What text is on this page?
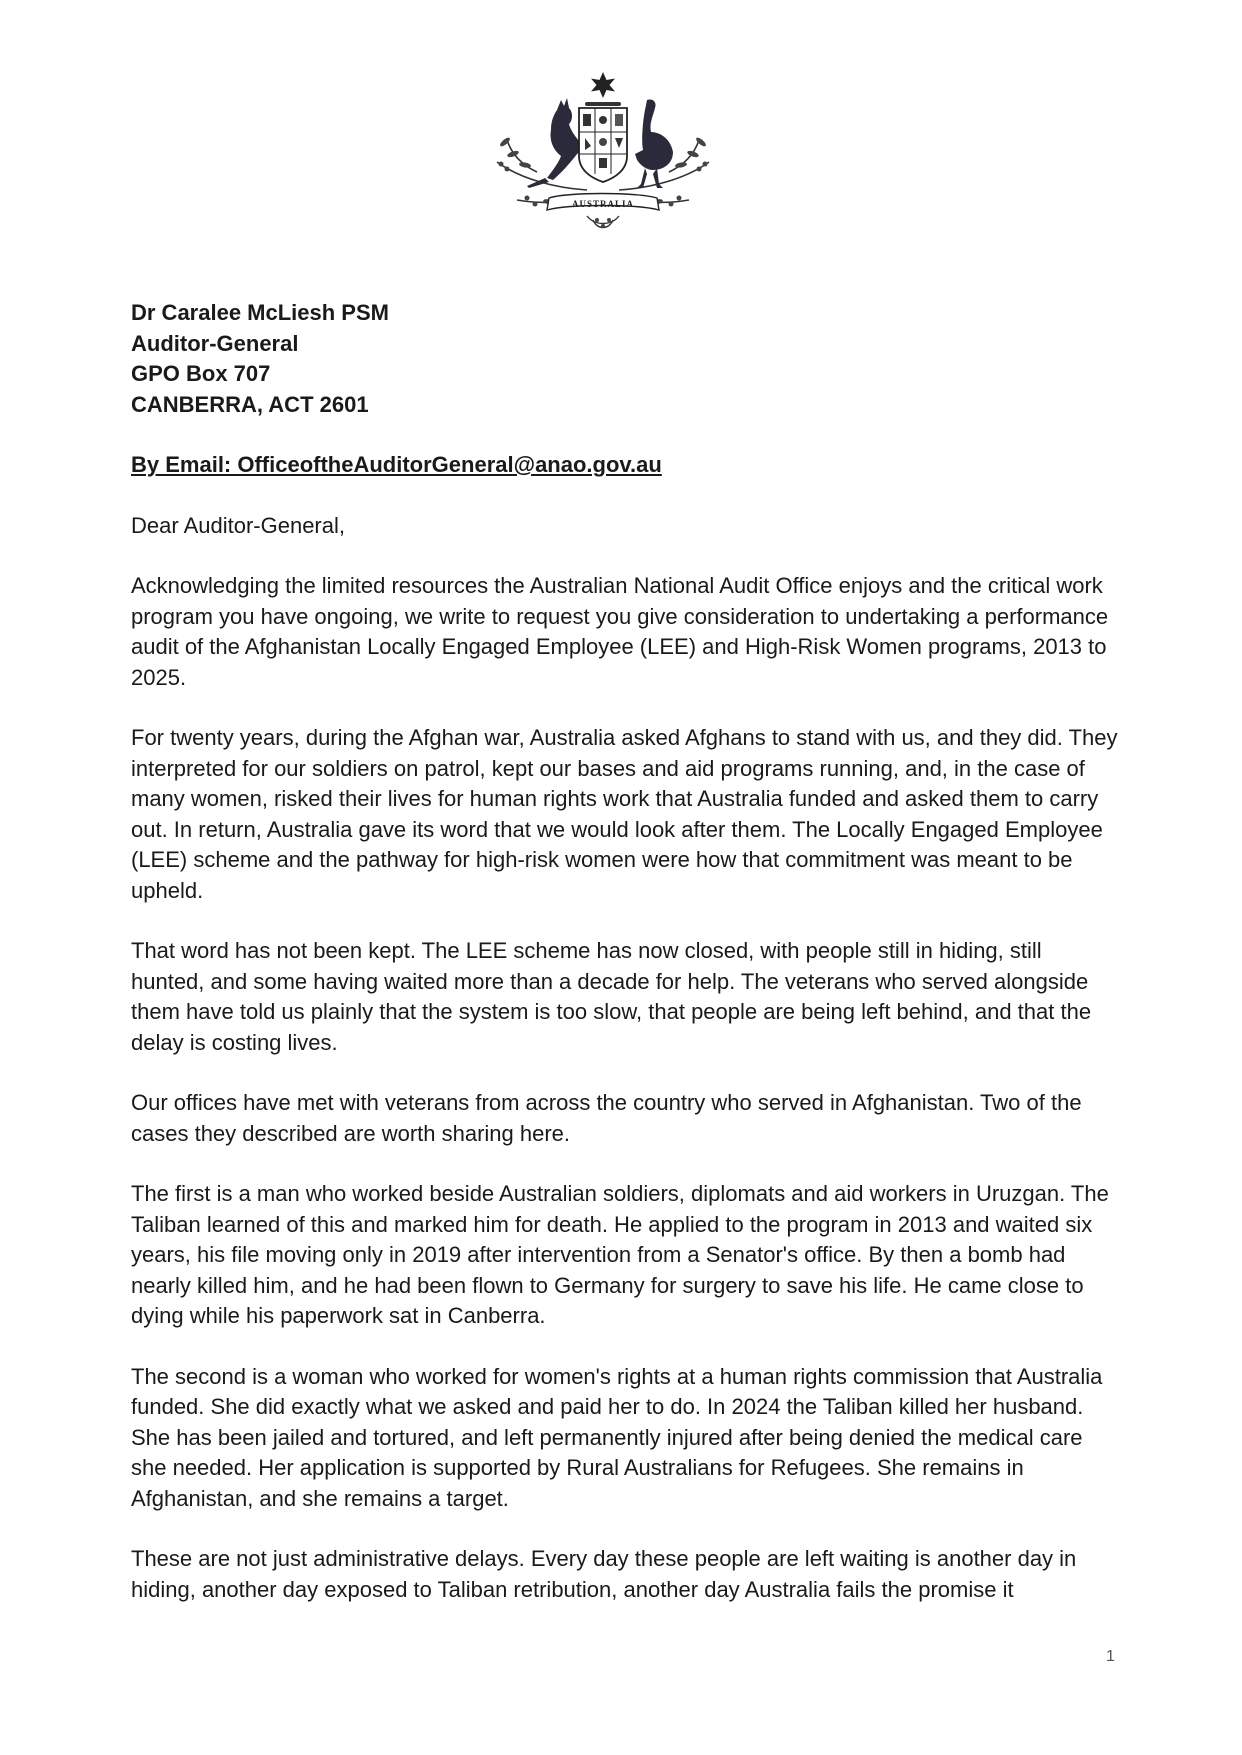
AUSTRALIA

Dr Caralee McLiesh PSM

Auditor-General

GPO Box 707

CANBERRA, ACT 2601

By Email: OfficeoftheAuditorGeneral@anao.gov.au

Dear Auditor-General,

Acknowledging the limited resources the Australian National Audit Office enjoys and the critical work program you have ongoing, we write to request you give consideration to undertaking a performance audit of the Afghanistan Locally Engaged Employee (LEE) and High-Risk Women programs, 2013 to 2025.

For twenty years, during the Afghan war, Australia asked Afghans to stand with us, and they did. They interpreted for our soldiers on patrol, kept our bases and aid programs running, and, in the case of many women, risked their lives for human rights work that Australia funded and asked them to carry out. In return, Australia gave its word that we would look after them. The Locally Engaged Employee (LEE) scheme and the pathway for high-risk women were how that commitment was meant to be upheld.

That word has not been kept. The LEE scheme has now closed, with people still in hiding, still hunted, and some having waited more than a decade for help. The veterans who served alongside them have told us plainly that the system is too slow, that people are being left behind, and that the delay is costing lives.

Our offices have met with veterans from across the country who served in Afghanistan. Two of the cases they described are worth sharing here.

The first is a man who worked beside Australian soldiers, diplomats and aid workers in Uruzgan. The Taliban learned of this and marked him for death. He applied to the program in 2013 and waited six years, his file moving only in 2019 after intervention from a Senator's office. By then a bomb had nearly killed him, and he had been flown to Germany for surgery to save his life. He came close to dying while his paperwork sat in Canberra.

The second is a woman who worked for women's rights at a human rights commission that Australia funded. She did exactly what we asked and paid her to do. In 2024 the Taliban killed her husband. She has been jailed and tortured, and left permanently injured after being denied the medical care she needed. Her application is supported by Rural Australians for Refugees. She remains in Afghanistan, and she remains a target.

These are not just administrative delays. Every day these people are left waiting is another day in hiding, another day exposed to Taliban retribution, another day Australia fails the promise it

1
